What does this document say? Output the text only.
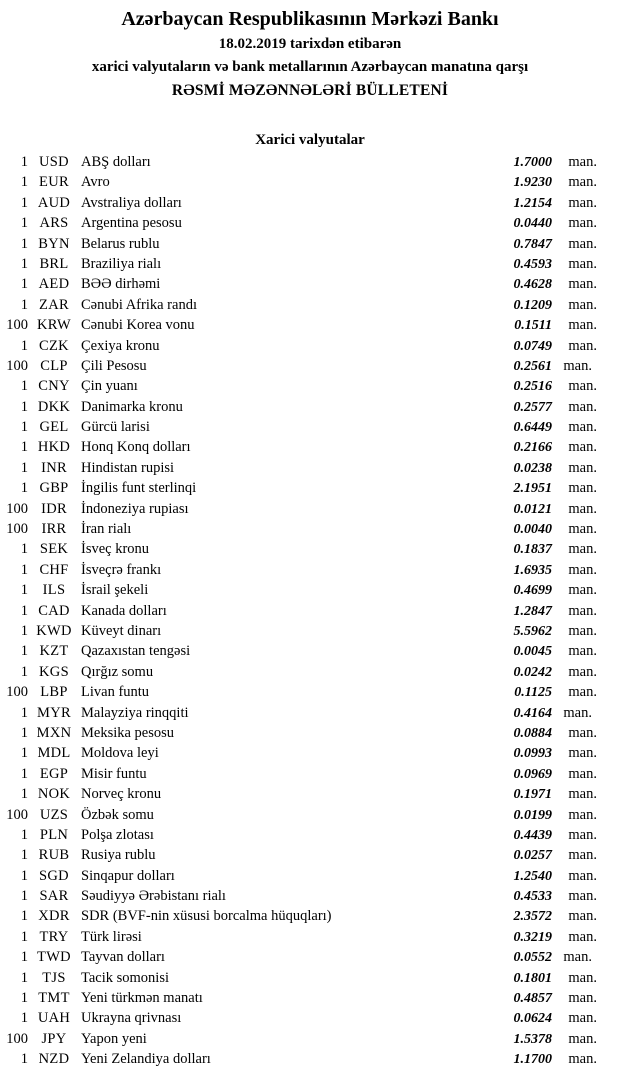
Azərbaycan Respublikasının Mərkəzi Bankı
18.02.2019 tarixdən etibarən
xarici valyutaların və bank metallarının Azərbaycan manatına qarşı
RƏSMİ MƏZƏNNƏLƏRİ BÜLLETENİ
Xarici valyutalar
1 USD ABŞ dolları	1.7000	man.
1 EUR Avro	1.9230	man.
1 AUD Avstraliya dolları	1.2154	man.
1 ARS Argentina pesosu	0.0440	man.
1 BYN Belarus rublu	0.7847	man.
1 BRL Braziliya rialı	0.4593	man.
1 AED BƏƏ dirhəmi	0.4628	man.
1 ZAR Cənubi Afrika randı	0.1209	man.
100 KRW Cənubi Korea vonu	0.1511	man.
1 CZK Çexiya kronu	0.0749	man.
100 CLP Çili Pesosu	0.2561 man.
1 CNY Çin yuanı	0.2516	man.
1 DKK Danimarka kronu	0.2577	man.
1 GEL Gürcü larisi	0.6449	man.
1 HKD Honq Konq dolları	0.2166	man.
1 INR Hindistan rupisi	0.0238	man.
1 GBP İngilis funt sterlinqi	2.1951	man.
100 IDR İndoneziya rupiası	0.0121	man.
100 IRR İran rialı	0.0040	man.
1 SEK İsveç kronu	0.1837	man.
1 CHF İsveçrə frankı	1.6935	man.
1	ILS	İsrail şekeli	0.4699	man.
1 CAD Kanada dolları	1.2847	man.
1 KWD Küveyt dinarı	5.5962	man.
1 KZT Qazaxıstan tengəsi	0.0045	man.
1 KGS Qırğız somu	0.0242	man.
100 LBP Livan funtu	0.1125	man.
1 MYR Malayziya rinqqiti	0.4164 man.
1 MXN Meksika pesosu	0.0884	man.
1 MDL Moldova leyi	0.0993	man.
1 EGP Misir funtu	0.0969	man.
1 NOK Norveç kronu	0.1971	man.
100 UZS Özbək somu	0.0199	man.
1 PLN Polşa zlotası	0.4439	man.
1 RUB Rusiya rublu	0.0257	man.
1 SGD Sinqapur dolları	1.2540	man.
1 SAR Səudiyyə Ərəbistanı rialı	0.4533	man.
1 XDR SDR (BVF-nin xüsusi borcalma hüquqları)	2.3572	man.
1 TRY Türk lirəsi	0.3219	man.
1 TWD Tayvan dolları	0.0552 man.
1 TJS	Tacik somonisi	0.1801	man.
1 TMT Yeni türkmən manatı	0.4857	man.
1 UAH Ukrayna qrivnası	0.0624	man.
100 JPY Yapon yeni	1.5378	man.
1 NZD Yeni Zelandiya dolları	1.1700	man.
